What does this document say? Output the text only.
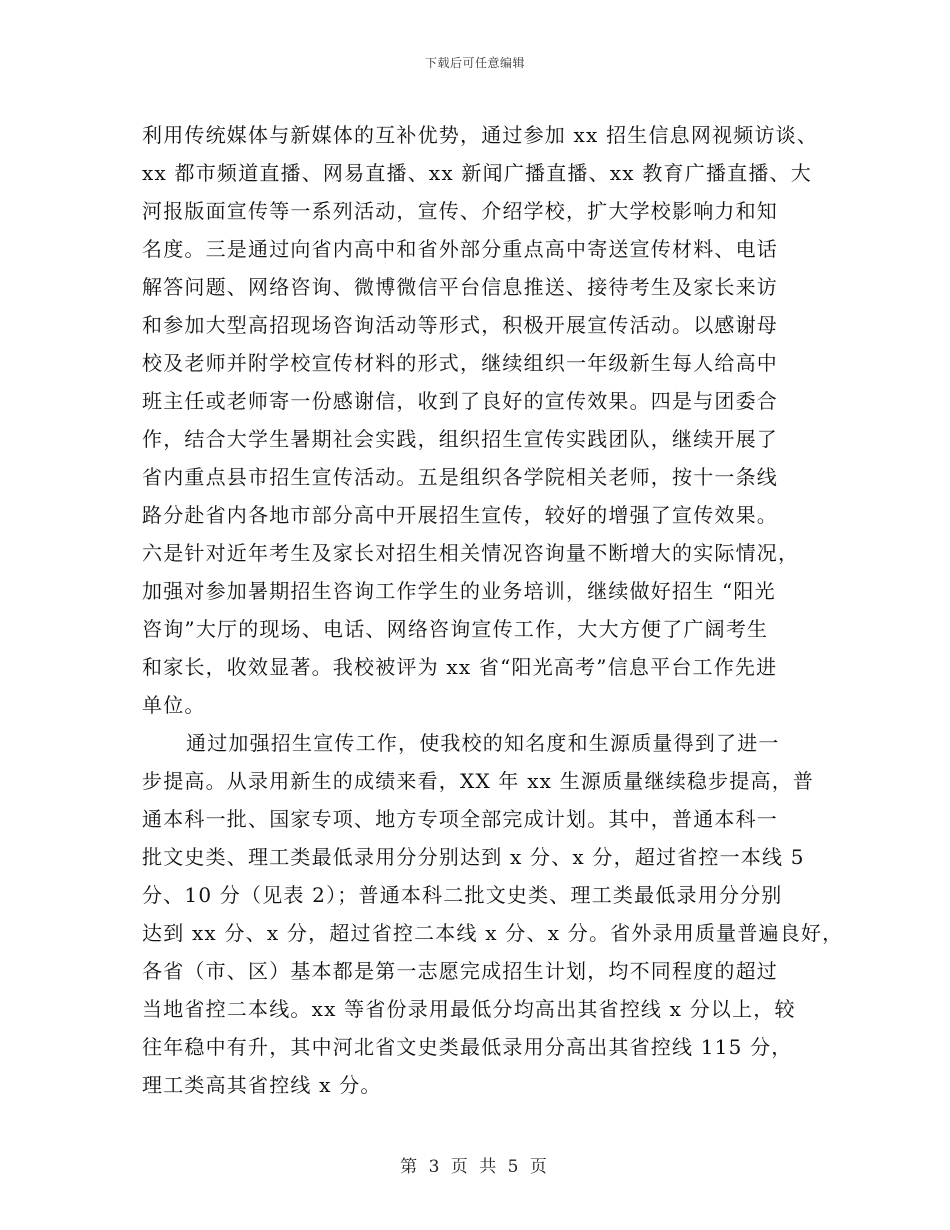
下载后可任意编辑
利用传统媒体与新媒体的互补优势，通过参加 xx 招生信息网视频访谈、
xx 都市频道直播、网易直播、xx 新闻广播直播、xx 教育广播直播、大
河报版面宣传等一系列活动，宣传、介绍学校，扩大学校影响力和知
名度。三是通过向省内高中和省外部分重点高中寄送宣传材料、电话
解答问题、网络咨询、微博微信平台信息推送、接待考生及家长来访
和参加大型高招现场咨询活动等形式，积极开展宣传活动。以感谢母
校及老师并附学校宣传材料的形式，继续组织一年级新生每人给高中
班主任或老师寄一份感谢信，收到了良好的宣传效果。四是与团委合
作，结合大学生暑期社会实践，组织招生宣传实践团队，继续开展了
省内重点县市招生宣传活动。五是组织各学院相关老师，按十一条线
路分赴省内各地市部分高中开展招生宣传，较好的增强了宣传效果。
六是针对近年考生及家长对招生相关情况咨询量不断增大的实际情况，
加强对参加暑期招生咨询工作学生的业务培训，继续做好招生 “阳光
咨询”大厅的现场、电话、网络咨询宣传工作，大大方便了广阔考生
和家长，收效显著。我校被评为 xx 省“阳光高考”信息平台工作先进
单位。
通过加强招生宣传工作，使我校的知名度和生源质量得到了进一
步提高。从录用新生的成绩来看，XX 年 xx 生源质量继续稳步提高，普
通本科一批、国家专项、地方专项全部完成计划。其中，普通本科一
批文史类、理工类最低录用分分别达到 x 分、x 分，超过省控一本线 5
分、10 分（见表 2）；普通本科二批文史类、理工类最低录用分分别
达到 xx 分、x 分，超过省控二本线 x 分、x 分。省外录用质量普遍良好，
各省（市、区）基本都是第一志愿完成招生计划，均不同程度的超过
当地省控二本线。xx 等省份录用最低分均高出其省控线 x 分以上，较
往年稳中有升，其中河北省文史类最低录用分高出其省控线 115 分，
理工类高其省控线 x 分。
第 3 页 共 5 页
